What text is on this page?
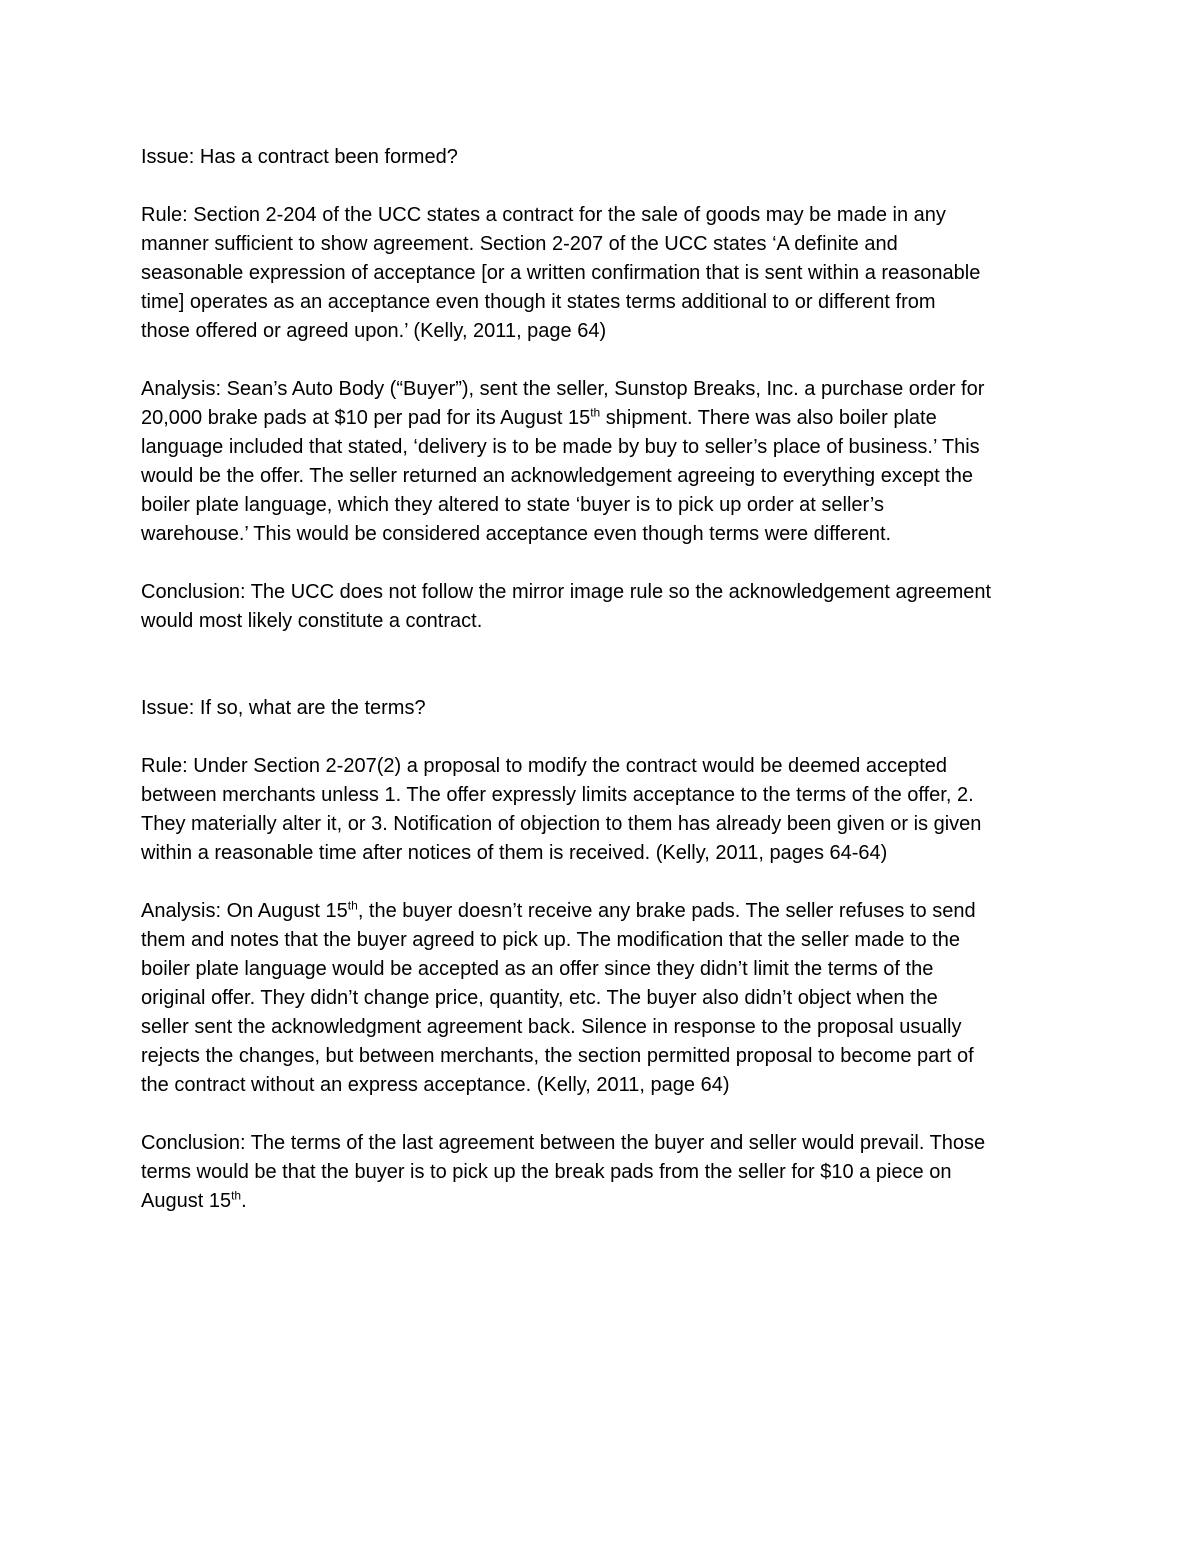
Issue: Has a contract been formed?

Rule: Section 2-204 of the UCC states a contract for the sale of goods may be made in any
manner sufficient to show agreement. Section 2-207 of the UCC states ‘A definite and
seasonable expression of acceptance [or a written confirmation that is sent within a reasonable
time] operates as an acceptance even though it states terms additional to or different from
those offered or agreed upon.’ (Kelly, 2011, page 64)

Analysis: Sean’s Auto Body (“Buyer”), sent the seller, Sunstop Breaks, Inc. a purchase order for
20,000 brake pads at $10 per pad for its August 15th shipment. There was also boiler plate
language included that stated, ‘delivery is to be made by buy to seller’s place of business.’ This
would be the offer. The seller returned an acknowledgement agreeing to everything except the
boiler plate language, which they altered to state ‘buyer is to pick up order at seller’s
warehouse.’ This would be considered acceptance even though terms were different.

Conclusion: The UCC does not follow the mirror image rule so the acknowledgement agreement
would most likely constitute a contract.

Issue: If so, what are the terms?

Rule: Under Section 2-207(2) a proposal to modify the contract would be deemed accepted
between merchants unless 1. The offer expressly limits acceptance to the terms of the offer, 2.
They materially alter it, or 3. Notification of objection to them has already been given or is given
within a reasonable time after notices of them is received. (Kelly, 2011, pages 64-64)

Analysis: On August 15th, the buyer doesn’t receive any brake pads. The seller refuses to send
them and notes that the buyer agreed to pick up. The modification that the seller made to the
boiler plate language would be accepted as an offer since they didn’t limit the terms of the
original offer. They didn’t change price, quantity, etc. The buyer also didn’t object when the
seller sent the acknowledgment agreement back. Silence in response to the proposal usually
rejects the changes, but between merchants, the section permitted proposal to become part of
the contract without an express acceptance. (Kelly, 2011, page 64)

Conclusion: The terms of the last agreement between the buyer and seller would prevail. Those
terms would be that the buyer is to pick up the break pads from the seller for $10 a piece on
August 15th.
